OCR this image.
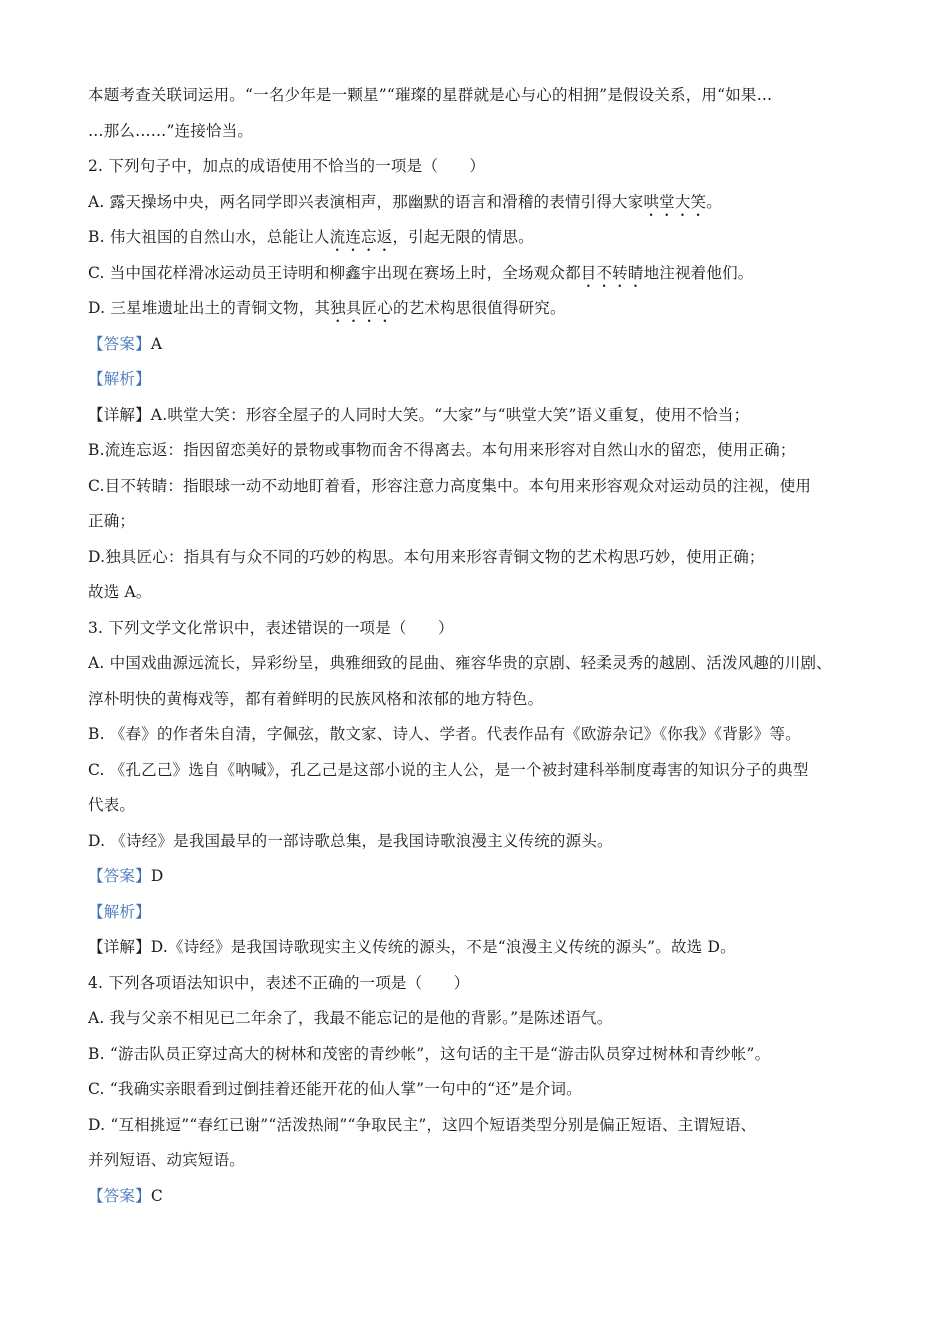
本题考查关联词运用。“一名少年是一颗星”“璀璨的星群就是心与心的相拥”是假设关系，用“如果…
…那么……”连接恰当。
2. 下列句子中，加点的成语使用不恰当的一项是（　　）
A. 露天操场中央，两名同学即兴表演相声，那幽默的语言和滑稽的表情引得大家哄堂大笑。
B. 伟大祖国的自然山水，总能让人流连忘返，引起无限的情思。
C. 当中国花样滑冰运动员王诗明和柳鑫宇出现在赛场上时，全场观众都目不转睛地注视着他们。
D. 三星堆遗址出土的青铜文物，其独具匠心的艺术构思很值得研究。
【答案】A
【解析】
【详解】A.哄堂大笑：形容全屋子的人同时大笑。“大家”与“哄堂大笑”语义重复，使用不恰当；
B.流连忘返：指因留恋美好的景物或事物而舍不得离去。本句用来形容对自然山水的留恋，使用正确；
C.目不转睛：指眼球一动不动地盯着看，形容注意力高度集中。本句用来形容观众对运动员的注视，使用
正确；
D.独具匠心：指具有与众不同的巧妙的构思。本句用来形容青铜文物的艺术构思巧妙，使用正确；
故选 A。
3. 下列文学文化常识中，表述错误的一项是（　　）
A. 中国戏曲源远流长，异彩纷呈，典雅细致的昆曲、雍容华贵的京剧、轻柔灵秀的越剧、活泼风趣的川剧、
淳朴明快的黄梅戏等，都有着鲜明的民族风格和浓郁的地方特色。
B. 《春》的作者朱自清，字佩弦，散文家、诗人、学者。代表作品有《欧游杂记》《你我》《背影》等。
C. 《孔乙己》选自《呐喊》，孔乙己是这部小说的主人公，是一个被封建科举制度毒害的知识分子的典型
代表。
D. 《诗经》是我国最早的一部诗歌总集，是我国诗歌浪漫主义传统的源头。
【答案】D
【解析】
【详解】D.《诗经》是我国诗歌现实主义传统的源头，不是“浪漫主义传统的源头”。故选 D。
4. 下列各项语法知识中，表述不正确的一项是（　　）
A. 我与父亲不相见已二年余了，我最不能忘记的是他的背影。”是陈述语气。
B. “游击队员正穿过高大的树林和茂密的青纱帐”，这句话的主干是“游击队员穿过树林和青纱帐”。
C. “我确实亲眼看到过倒挂着还能开花的仙人掌”一句中的“还”是介词。
D. “互相挑逗”“春红已谢”“活泼热闹”“争取民主”，这四个短语类型分别是偏正短语、主谓短语、
并列短语、动宾短语。
【答案】C
